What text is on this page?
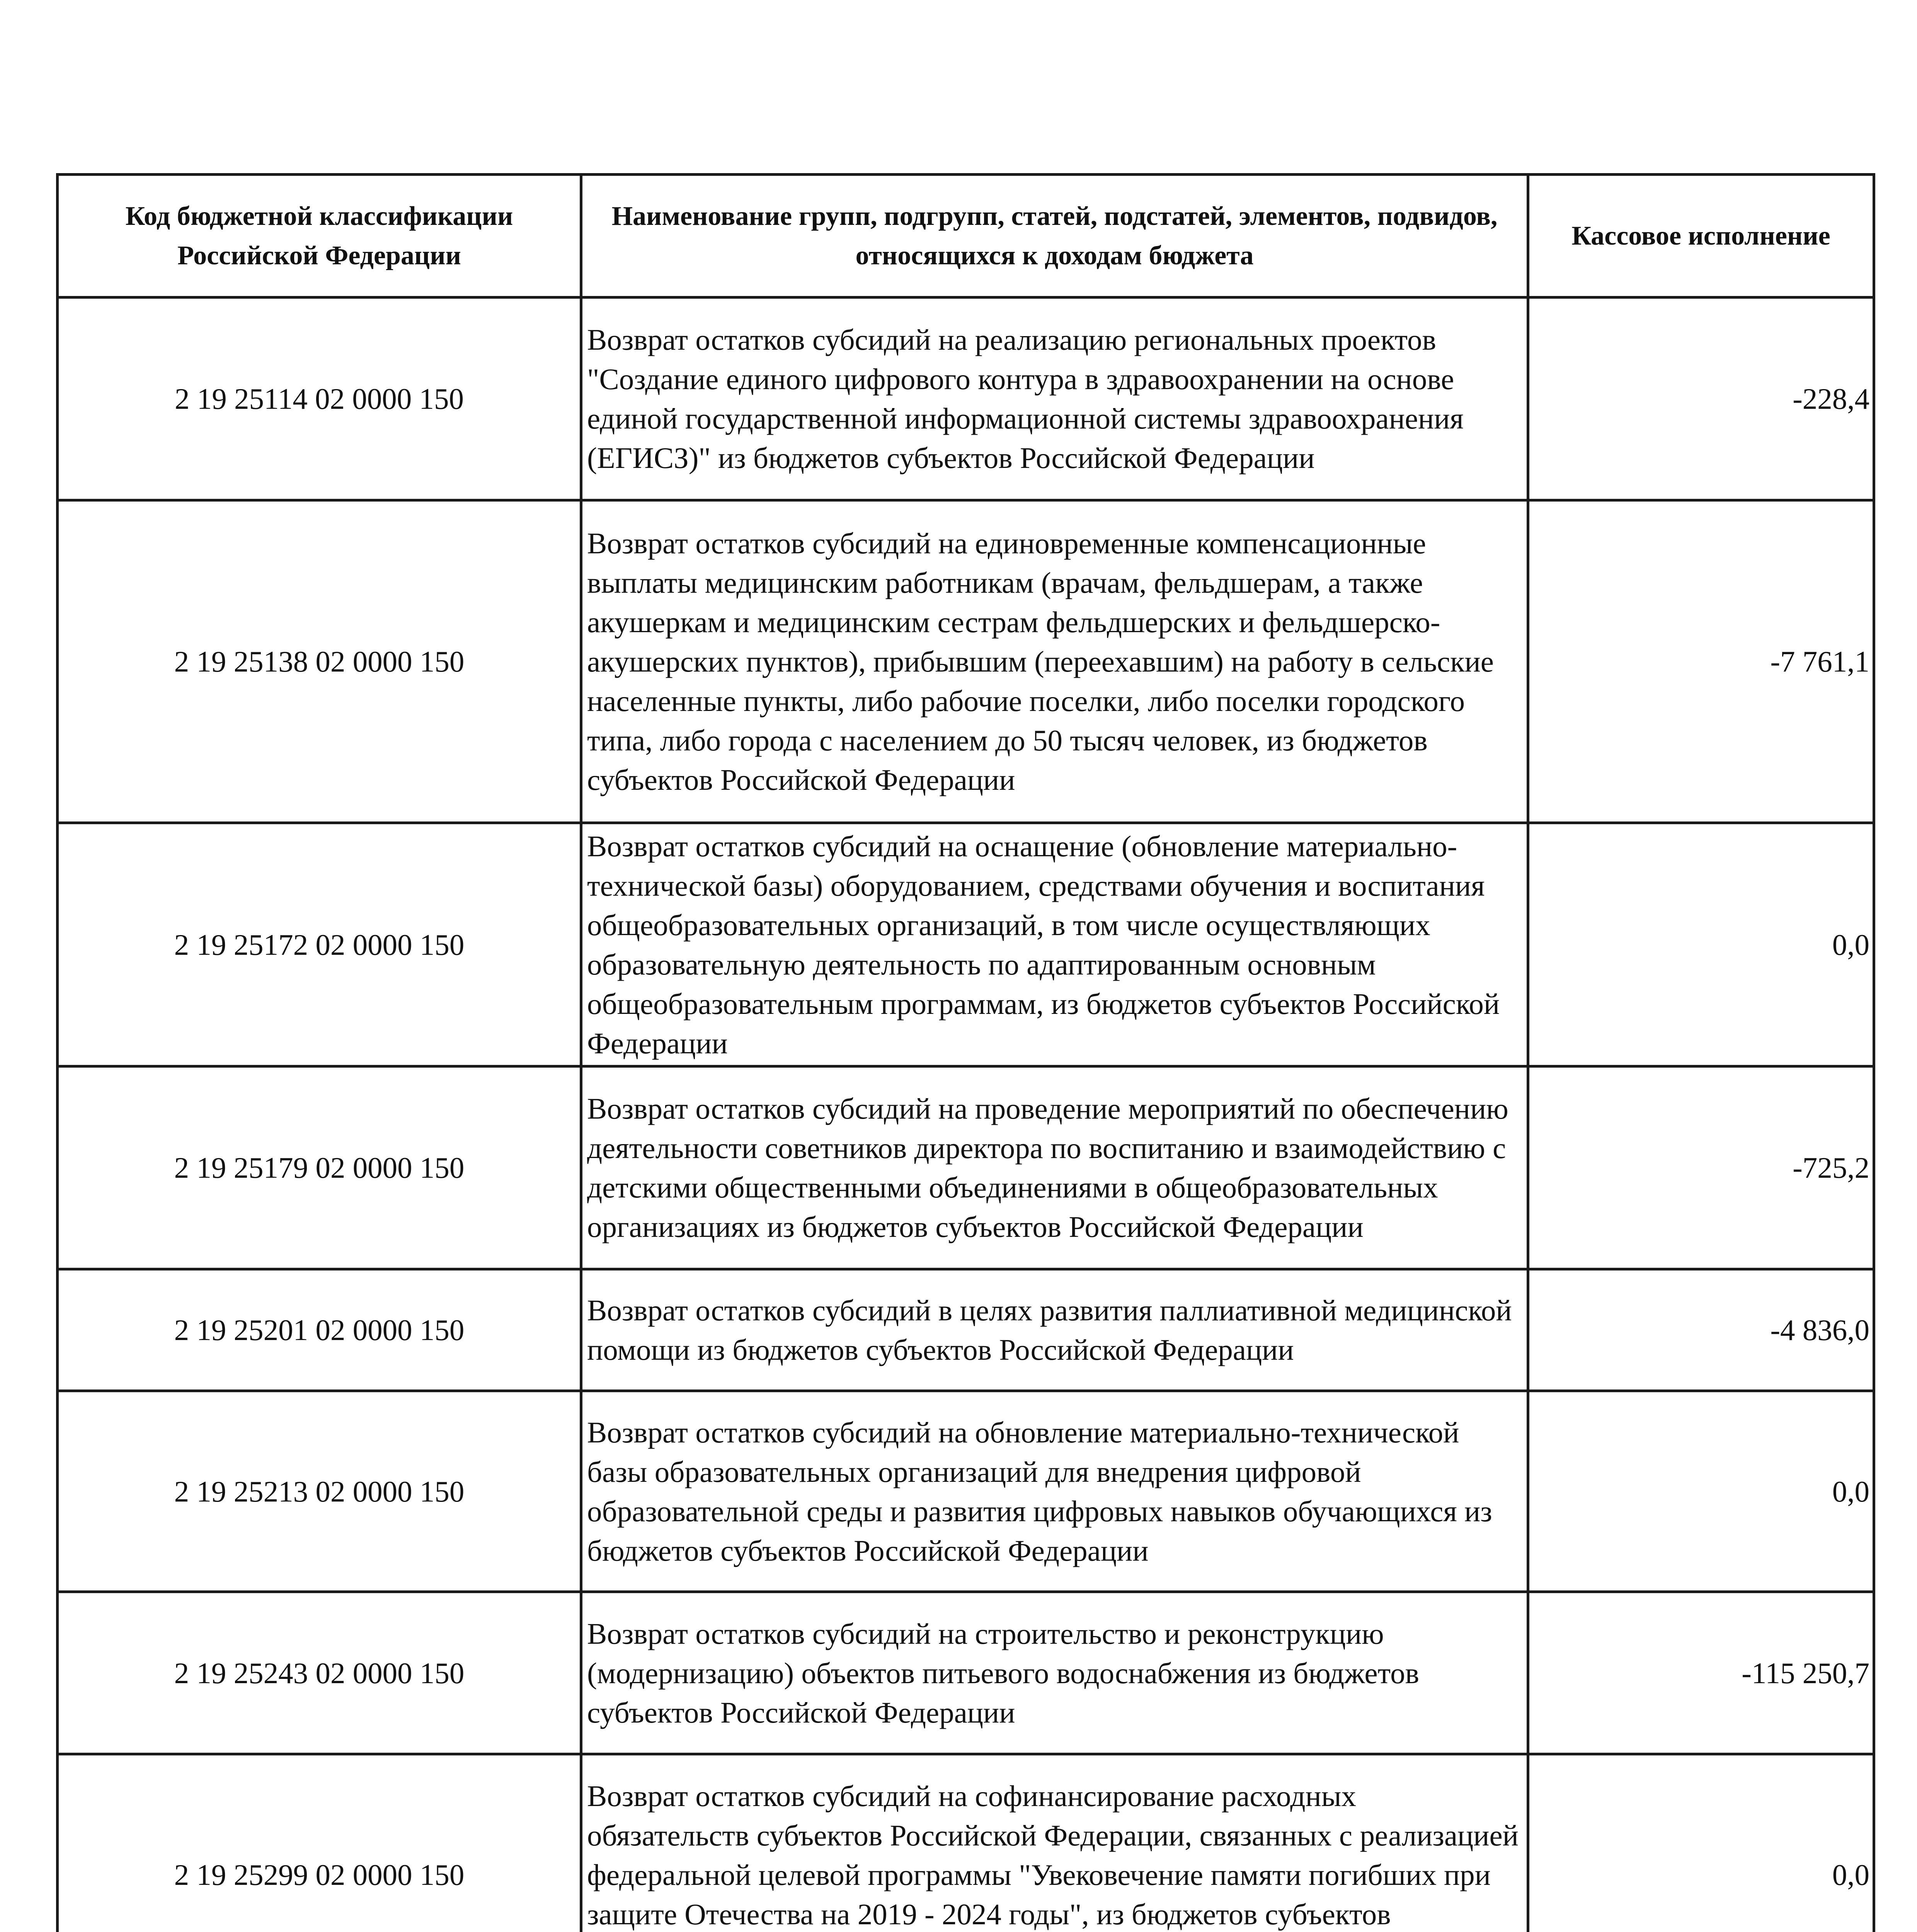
Код бюджетной классификации Российской Федерации	Наименование групп, подгрупп, статей, подстатей, элементов, подвидов, относящихся к доходам бюджета	Кассовое исполнение
2 19 25114 02 0000 150	Возврат остатков субсидий на реализацию региональных проектов "Создание единого цифрового контура в здравоохранении на основе единой государственной информационной системы здравоохранения (ЕГИСЗ)" из бюджетов субъектов Российской Федерации	-228,4
2 19 25138 02 0000 150	Возврат остатков субсидий на единовременные компенсационные выплаты медицинским работникам (врачам, фельдшерам, а также акушеркам и медицинским сестрам фельдшерских и фельдшерско-акушерских пунктов), прибывшим (переехавшим) на работу в сельские населенные пункты, либо рабочие поселки, либо поселки городского типа, либо города с населением до 50 тысяч человек, из бюджетов субъектов Российской Федерации	-7 761,1
2 19 25172 02 0000 150	Возврат остатков субсидий на оснащение (обновление материально-технической базы) оборудованием, средствами обучения и воспитания общеобразовательных организаций, в том числе осуществляющих образовательную деятельность по адаптированным основным общеобразовательным программам, из бюджетов субъектов Российской Федерации	0,0
2 19 25179 02 0000 150	Возврат остатков субсидий на проведение мероприятий по обеспечению деятельности советников директора по воспитанию и взаимодействию с детскими общественными объединениями в общеобразовательных организациях из бюджетов субъектов Российской Федерации	-725,2
2 19 25201 02 0000 150	Возврат остатков субсидий в целях развития паллиативной медицинской помощи из бюджетов субъектов Российской Федерации	-4 836,0
2 19 25213 02 0000 150	Возврат остатков субсидий на обновление материально-технической базы образовательных организаций для внедрения цифровой образовательной среды и развития цифровых навыков обучающихся из бюджетов субъектов Российской Федерации	0,0
2 19 25243 02 0000 150	Возврат остатков субсидий на строительство и реконструкцию (модернизацию) объектов питьевого водоснабжения из бюджетов субъектов Российской Федерации	-115 250,7
2 19 25299 02 0000 150	Возврат остатков субсидий на софинансирование расходных обязательств субъектов Российской Федерации, связанных с реализацией федеральной целевой программы "Увековечение памяти погибших при защите Отечества на 2019 - 2024 годы", из бюджетов субъектов	0,0
